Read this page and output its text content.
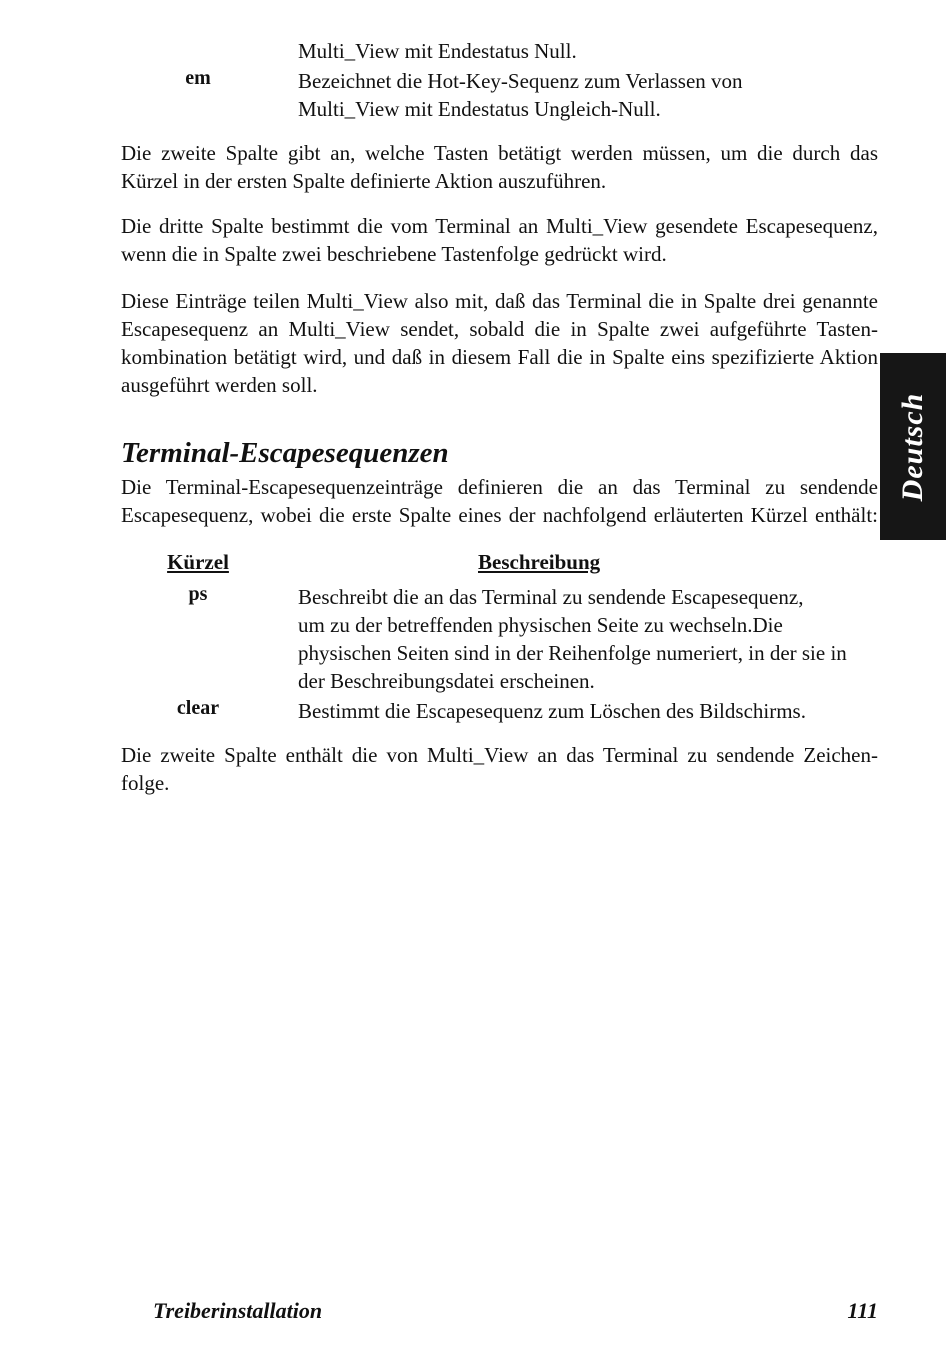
Multi_View mit Endestatus Null.
em	Bezeichnet die Hot-Key-Sequenz zum Verlassen von
Multi_View mit Endestatus Ungleich-Null.
Die zweite Spalte gibt an, welche Tasten betätigt werden müssen, um die durch das
Kürzel in der ersten Spalte definierte Aktion auszuführen.
Die dritte Spalte bestimmt die vom Terminal an Multi_View gesendete Escapesequenz,
wenn die in Spalte zwei beschriebene Tastenfolge gedrückt wird.
Diese Einträge teilen Multi_View also mit, daß das Terminal die in Spalte drei genannte
Escapesequenz an Multi_View sendet, sobald die in Spalte zwei aufgeführte Tasten-
kombination betätigt wird, und daß in diesem Fall die in Spalte eins spezifizierte Aktion
ausgeführt werden soll.
Terminal-Escapesequenzen
Die Terminal-Escapesequenzeinträge definieren die an das Terminal zu sendende
Escapesequenz, wobei die erste Spalte eines der nachfolgend erläuterten Kürzel enthält:
Kürzel	Beschreibung
ps	Beschreibt die an das Terminal zu sendende Escapesequenz,
um zu der betreffenden physischen Seite zu wechseln.Die
physischen Seiten sind in der Reihenfolge numeriert, in der sie in
der Beschreibungsdatei erscheinen.
clear	Bestimmt die Escapesequenz zum Löschen des Bildschirms.
Die zweite Spalte enthält die von Multi_View an das Terminal zu sendende Zeichen-
folge.
Deutsch
Treiberinstallation	111
